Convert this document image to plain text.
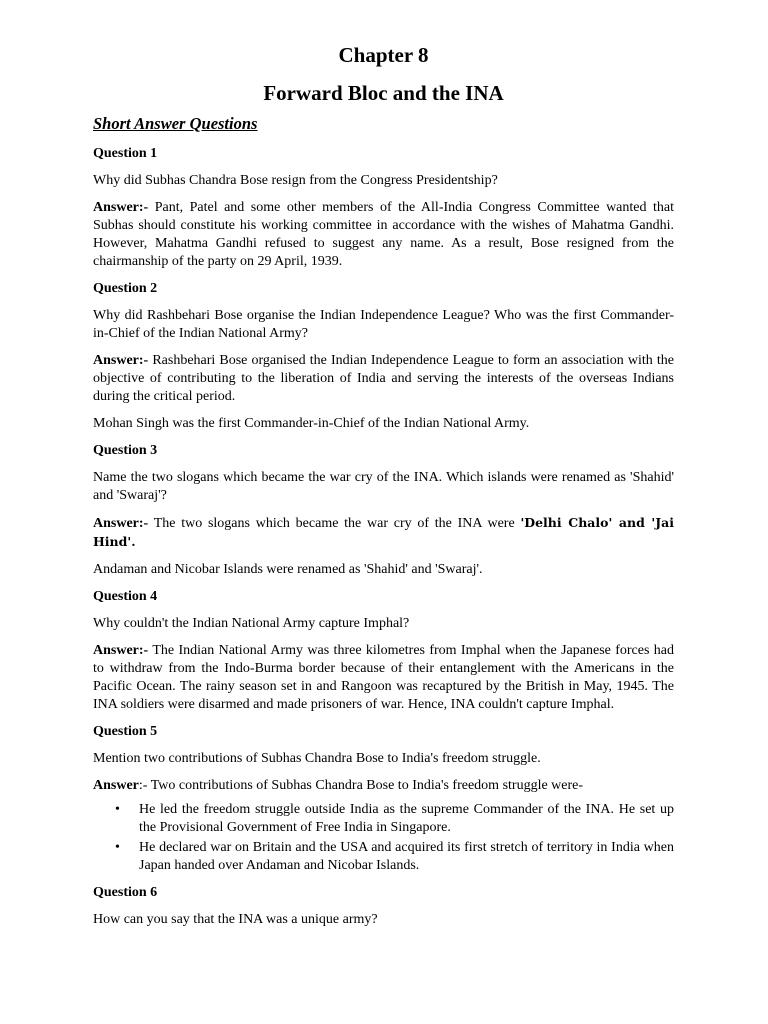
Chapter 8
Forward Bloc and the INA
Short Answer Questions
Question 1

Why did Subhas Chandra Bose resign from the Congress Presidentship?

Answer:- Pant, Patel and some other members of the All-India Congress Committee wanted that Subhas should constitute his working committee in accordance with the wishes of Mahatma Gandhi. However, Mahatma Gandhi refused to suggest any name. As a result, Bose resigned from the chairmanship of the party on 29 April, 1939.

Question 2

Why did Rashbehari Bose organise the Indian Independence League? Who was the first Commander-in-Chief of the Indian National Army?

Answer:- Rashbehari Bose organised the Indian Independence League to form an association with the objective of contributing to the liberation of India and serving the interests of the overseas Indians during the critical period.

Mohan Singh was the first Commander-in-Chief of the Indian National Army.

Question 3

Name the two slogans which became the war cry of the INA. Which islands were renamed as 'Shahid' and 'Swaraj'?

Answer:- The two slogans which became the war cry of the INA were 'Delhi Chalo' and 'Jai Hind'.

Andaman and Nicobar Islands were renamed as 'Shahid' and 'Swaraj'.

Question 4

Why couldn't the Indian National Army capture Imphal?

Answer:- The Indian National Army was three kilometres from Imphal when the Japanese forces had to withdraw from the Indo-Burma border because of their entanglement with the Americans in the Pacific Ocean. The rainy season set in and Rangoon was recaptured by the British in May, 1945. The INA soldiers were disarmed and made prisoners of war. Hence, INA couldn't capture Imphal.

Question 5

Mention two contributions of Subhas Chandra Bose to India's freedom struggle.

Answer:- Two contributions of Subhas Chandra Bose to India's freedom struggle were-

• He led the freedom struggle outside India as the supreme Commander of the INA. He set up the Provisional Government of Free India in Singapore.
• He declared war on Britain and the USA and acquired its first stretch of territory in India when Japan handed over Andaman and Nicobar Islands.
Question 6

How can you say that the INA was a unique army?
